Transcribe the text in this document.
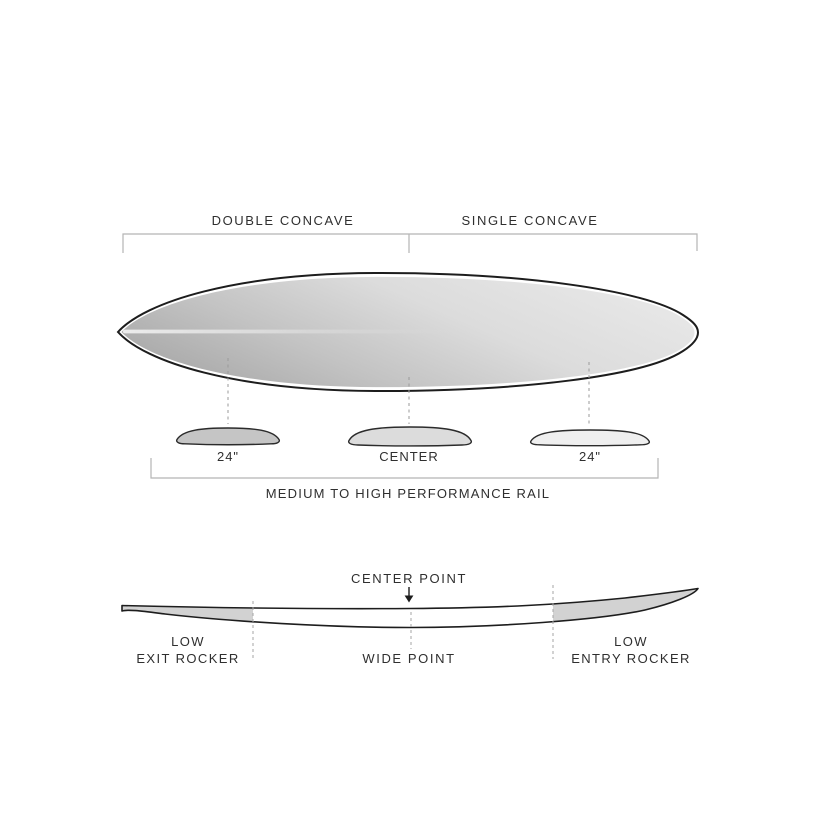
DOUBLE CONCAVE	SINGLE CONCAVE
24"	CENTER	24"
MEDIUM TO HIGH PERFORMANCE RAIL
CENTER POINT
LOW
EXIT ROCKER	WIDE POINT
LOW
ENTRY ROCKER
